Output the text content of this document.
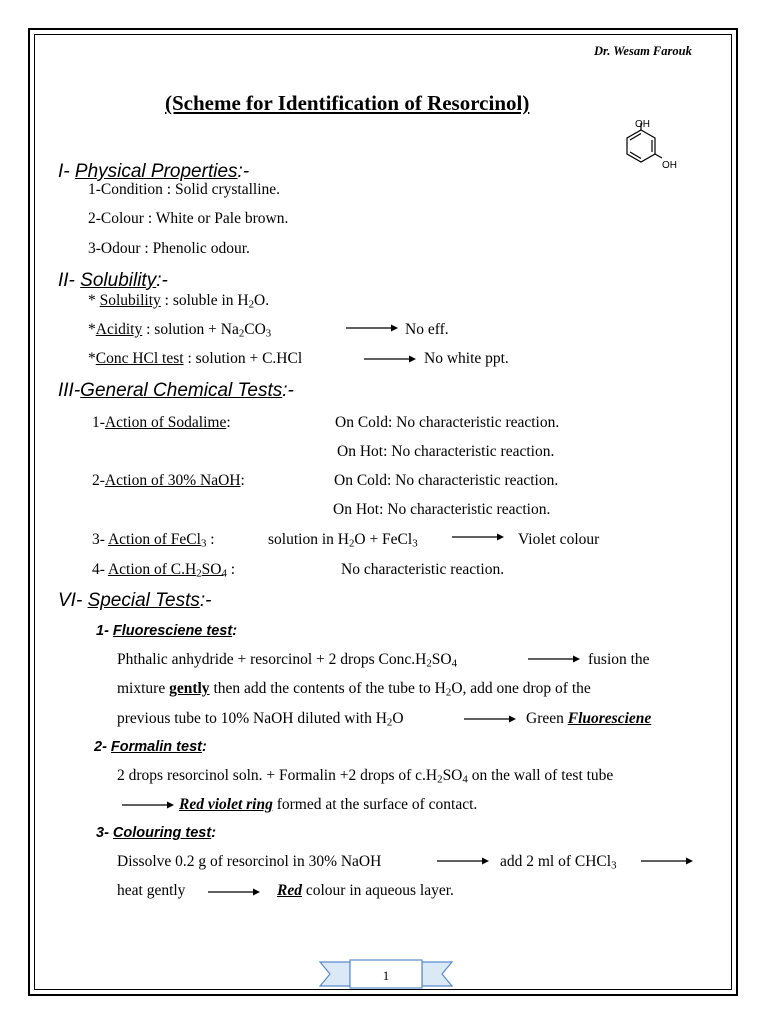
Dr. Wesam Farouk
(Scheme for Identification of Resorcinol)
OH
OH
I- Physical Properties:-
1-Condition : Solid crystalline.
2-Colour : White or Pale brown.
3-Odour : Phenolic odour.
II- Solubility:-
* Solubility : soluble in $H_2O$.
*Acidity : solution + $Na_2CO_3$	No eff.
*Conc HCl test : solution + C.HCl	No white ppt.
III-General Chemical Tests:-
1-Action of Sodalime:	On Cold: No characteristic reaction.
On Hot: No characteristic reaction.
2-Action of 30% NaOH:	On Cold: No characteristic reaction.
On Hot: No characteristic reaction.
3- Action of FeCl$_3$ :	solution in $H_2O$ + FeCl$_3$	Violet colour
4- Action of $C.H_2SO_4$ :	No characteristic reaction.
VI- Special Tests:-
1- Fluoresciene test:
Phthalic anhydride + resorcinol + 2 drops $Conc.H_2SO_4$	fusion the
mixture gently then add the contents of the tube to $H_2O$, add one drop of the
previous tube to 10% NaOH diluted with $H_2O$	Green Fluoresciene
2- Formalin test:
2 drops resorcinol soln. + Formalin +2 drops of $c.H_2SO_4$ on the wall of test tube
Red violet ring formed at the surface of contact.
3- Colouring test:
Dissolve 0.2 g of resorcinol in 30% NaOH	add 2 ml of CHCl$_3$
heat gently	Red colour in aqueous layer.
1
